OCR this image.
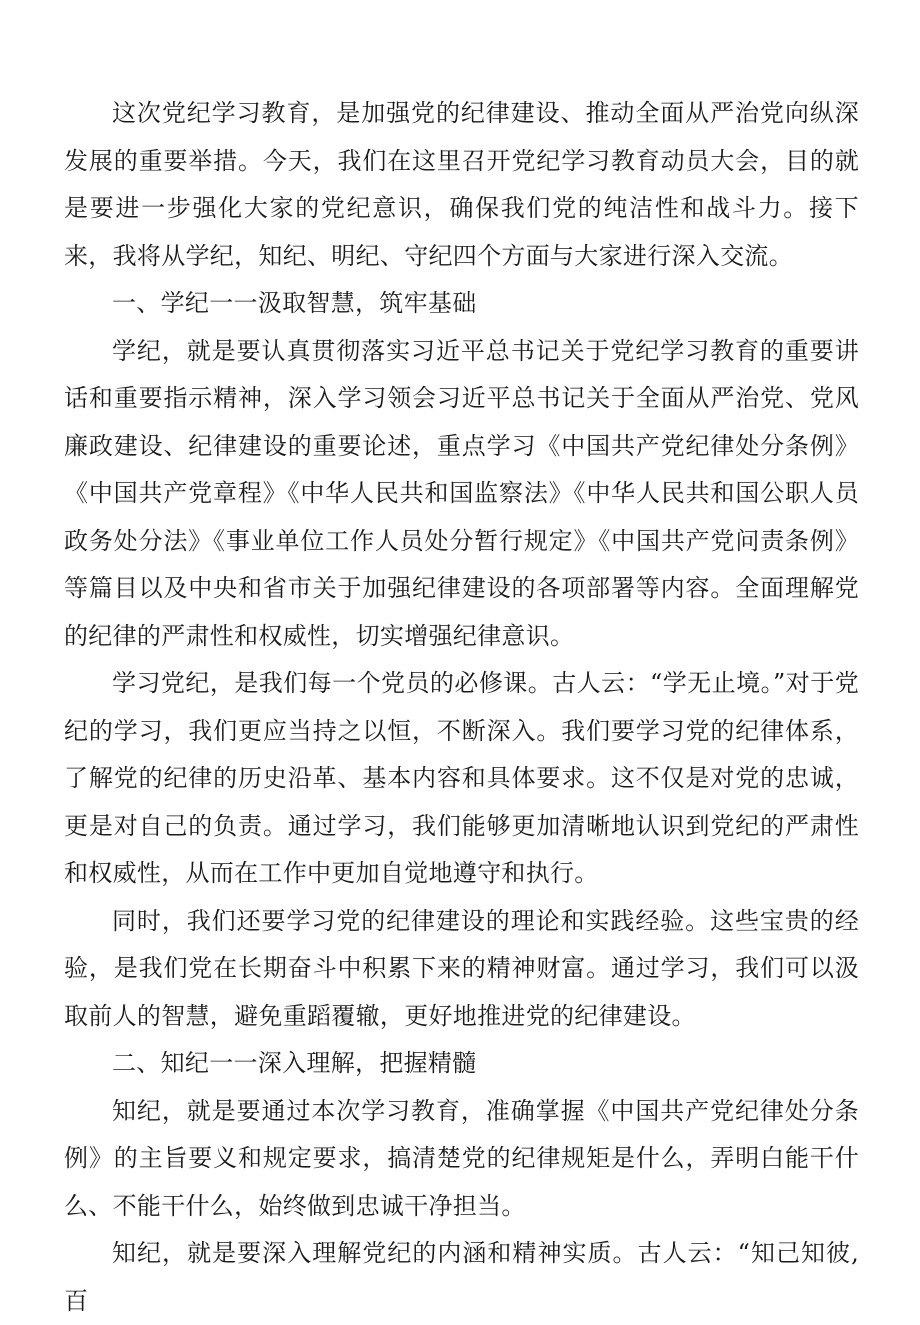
这次党纪学习教育，是加强党的纪律建设、推动全面从严治党向纵深发展的重要举措。今天，我们在这里召开党纪学习教育动员大会，目的就是要进一步强化大家的党纪意识，确保我们党的纯洁性和战斗力。接下来，我将从学纪，知纪、明纪、守纪四个方面与大家进行深入交流。

一、学纪一一汲取智慧，筑牢基础

学纪，就是要认真贯彻落实习近平总书记关于党纪学习教育的重要讲话和重要指示精神，深入学习领会习近平总书记关于全面从严治党、党风廉政建设、纪律建设的重要论述，重点学习《中国共产党纪律处分条例》《中国共产党章程》《中华人民共和国监察法》《中华人民共和国公职人员政务处分法》《事业单位工作人员处分暂行规定》《中国共产党问责条例》等篇目以及中央和省市关于加强纪律建设的各项部署等内容。全面理解党的纪律的严肃性和权威性，切实增强纪律意识。

学习党纪，是我们每一个党员的必修课。古人云：“学无止境。”对于党纪的学习，我们更应当持之以恒，不断深入。我们要学习党的纪律体系，了解党的纪律的历史沿革、基本内容和具体要求。这不仅是对党的忠诚，更是对自己的负责。通过学习，我们能够更加清晰地认识到党纪的严肃性和权威性，从而在工作中更加自觉地遵守和执行。

同时，我们还要学习党的纪律建设的理论和实践经验。这些宝贵的经验，是我们党在长期奋斗中积累下来的精神财富。通过学习，我们可以汲取前人的智慧，避免重蹈覆辙，更好地推进党的纪律建设。

二、知纪一一深入理解，把握精髓

知纪，就是要通过本次学习教育，准确掌握《中国共产党纪律处分条例》的主旨要义和规定要求，搞清楚党的纪律规矩是什么，弄明白能干什么、不能干什么，始终做到忠诚干净担当。

知纪，就是要深入理解党纪的内涵和精神实质。古人云：“知己知彼,百
